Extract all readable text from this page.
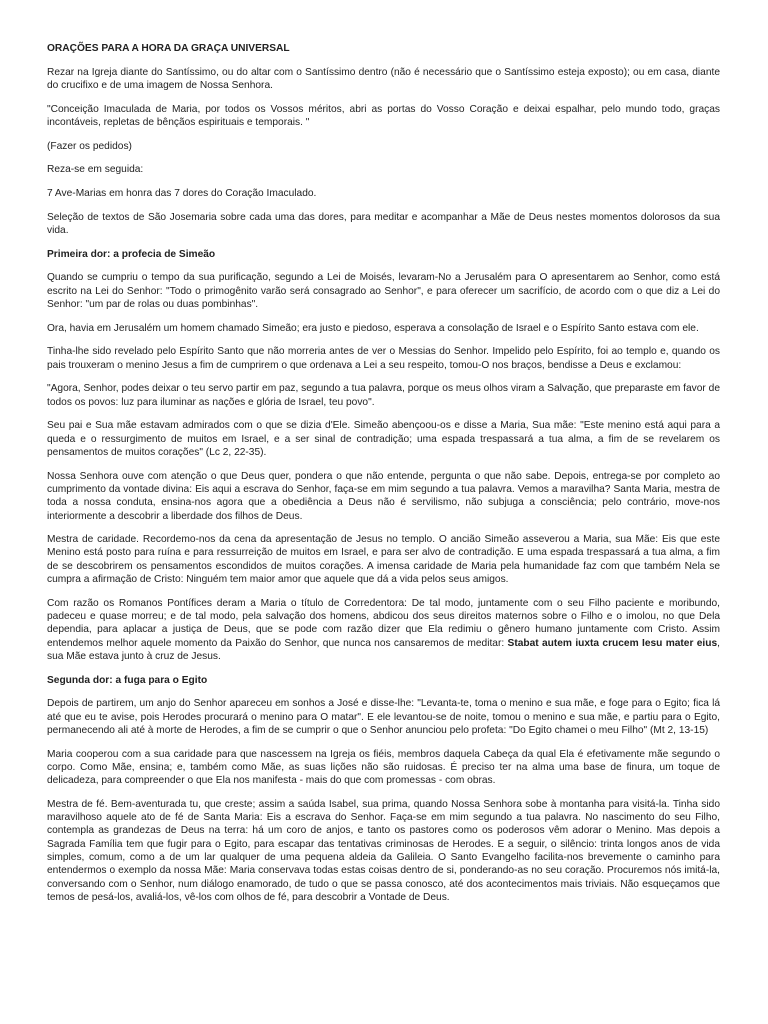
ORAÇÕES PARA A HORA DA GRAÇA UNIVERSAL

Rezar na Igreja diante do Santíssimo, ou do altar com o Santíssimo dentro (não é necessário que o Santíssimo esteja exposto); ou em casa, diante do crucifixo e de uma imagem de Nossa Senhora.

"Conceição Imaculada de Maria, por todos os Vossos méritos, abri as portas do Vosso Coração e deixai espalhar, pelo mundo todo, graças incontáveis, repletas de bênçãos espirituais e temporais. "

(Fazer os pedidos)

Reza-se em seguida:

7 Ave-Marias em honra das 7 dores do Coração Imaculado.

Seleção de textos de São Josemaria sobre cada uma das dores, para meditar e acompanhar a Mãe de Deus nestes momentos dolorosos da sua vida.

Primeira dor: a profecia de Simeão

Quando se cumpriu o tempo da sua purificação, segundo a Lei de Moisés, levaram-No a Jerusalém para O apresentarem ao Senhor, como está escrito na Lei do Senhor: "Todo o primogênito varão será consagrado ao Senhor", e para oferecer um sacrifício, de acordo com o que diz a Lei do Senhor: "um par de rolas ou duas pombinhas".

Ora, havia em Jerusalém um homem chamado Simeão; era justo e piedoso, esperava a consolação de Israel e o Espírito Santo estava com ele.

Tinha-lhe sido revelado pelo Espírito Santo que não morreria antes de ver o Messias do Senhor. Impelido pelo Espírito, foi ao templo e, quando os pais trouxeram o menino Jesus a fim de cumprirem o que ordenava a Lei a seu respeito, tomou-O nos braços, bendisse a Deus e exclamou:

"Agora, Senhor, podes deixar o teu servo partir em paz, segundo a tua palavra, porque os meus olhos viram a Salvação, que preparaste em favor de todos os povos: luz para iluminar as nações e glória de Israel, teu povo".

Seu pai e Sua mãe estavam admirados com o que se dizia d'Ele. Simeão abençoou-os e disse a Maria, Sua mãe: "Este menino está aqui para a queda e o ressurgimento de muitos em Israel, e a ser sinal de contradição; uma espada trespassará a tua alma, a fim de se revelarem os pensamentos de muitos corações" (Lc 2, 22-35).

Nossa Senhora ouve com atenção o que Deus quer, pondera o que não entende, pergunta o que não sabe. Depois, entrega-se por completo ao cumprimento da vontade divina: Eis aqui a escrava do Senhor, faça-se em mim segundo a tua palavra. Vemos a maravilha? Santa Maria, mestra de toda a nossa conduta, ensina-nos agora que a obediência a Deus não é servilismo, não subjuga a consciência; pelo contrário, move-nos interiormente a descobrir a liberdade dos filhos de Deus.

Mestra de caridade. Recordemo-nos da cena da apresentação de Jesus no templo. O ancião Simeão asseverou a Maria, sua Mãe: Eis que este Menino está posto para ruína e para ressurreição de muitos em Israel, e para ser alvo de contradição. E uma espada trespassará a tua alma, a fim de se descobrirem os pensamentos escondidos de muitos corações. A imensa caridade de Maria pela humanidade faz com que também Nela se cumpra a afirmação de Cristo: Ninguém tem maior amor que aquele que dá a vida pelos seus amigos.

Com razão os Romanos Pontífices deram a Maria o título de Corredentora: De tal modo, juntamente com o seu Filho paciente e moribundo, padeceu e quase morreu; e de tal modo, pela salvação dos homens, abdicou dos seus direitos maternos sobre o Filho e o imolou, no que Dela dependia, para aplacar a justiça de Deus, que se pode com razão dizer que Ela redimiu o gênero humano juntamente com Cristo. Assim entendemos melhor aquele momento da Paixão do Senhor, que nunca nos cansaremos de meditar: Stabat autem iuxta crucem Iesu mater eius, sua Mãe estava junto à cruz de Jesus.

Segunda dor: a fuga para o Egito

Depois de partirem, um anjo do Senhor apareceu em sonhos a José e disse-lhe: "Levanta-te, toma o menino e sua mãe, e foge para o Egito; fica lá até que eu te avise, pois Herodes procurará o menino para O matar". E ele levantou-se de noite, tomou o menino e sua mãe, e partiu para o Egito, permanecendo ali até à morte de Herodes, a fim de se cumprir o que o Senhor anunciou pelo profeta: "Do Egito chamei o meu Filho" (Mt 2, 13-15)

Maria cooperou com a sua caridade para que nascessem na Igreja os fiéis, membros daquela Cabeça da qual Ela é efetivamente mãe segundo o corpo. Como Mãe, ensina; e, também como Mãe, as suas lições não são ruidosas. É preciso ter na alma uma base de finura, um toque de delicadeza, para compreender o que Ela nos manifesta - mais do que com promessas - com obras.

Mestra de fé. Bem-aventurada tu, que creste; assim a saúda Isabel, sua prima, quando Nossa Senhora sobe à montanha para visitá-la. Tinha sido maravilhoso aquele ato de fé de Santa Maria: Eis a escrava do Senhor. Faça-se em mim segundo a tua palavra. No nascimento do seu Filho, contempla as grandezas de Deus na terra: há um coro de anjos, e tanto os pastores como os poderosos vêm adorar o Menino. Mas depois a Sagrada Família tem que fugir para o Egito, para escapar das tentativas criminosas de Herodes. E a seguir, o silêncio: trinta longos anos de vida simples, comum, como a de um lar qualquer de uma pequena aldeia da Galileia. O Santo Evangelho facilita-nos brevemente o caminho para entendermos o exemplo da nossa Mãe: Maria conservava todas estas coisas dentro de si, ponderando-as no seu coração. Procuremos nós imitá-la, conversando com o Senhor, num diálogo enamorado, de tudo o que se passa conosco, até dos acontecimentos mais triviais. Não esqueçamos que temos de pesá-los, avaliá-los, vê-los com olhos de fé, para descobrir a Vontade de Deus.
